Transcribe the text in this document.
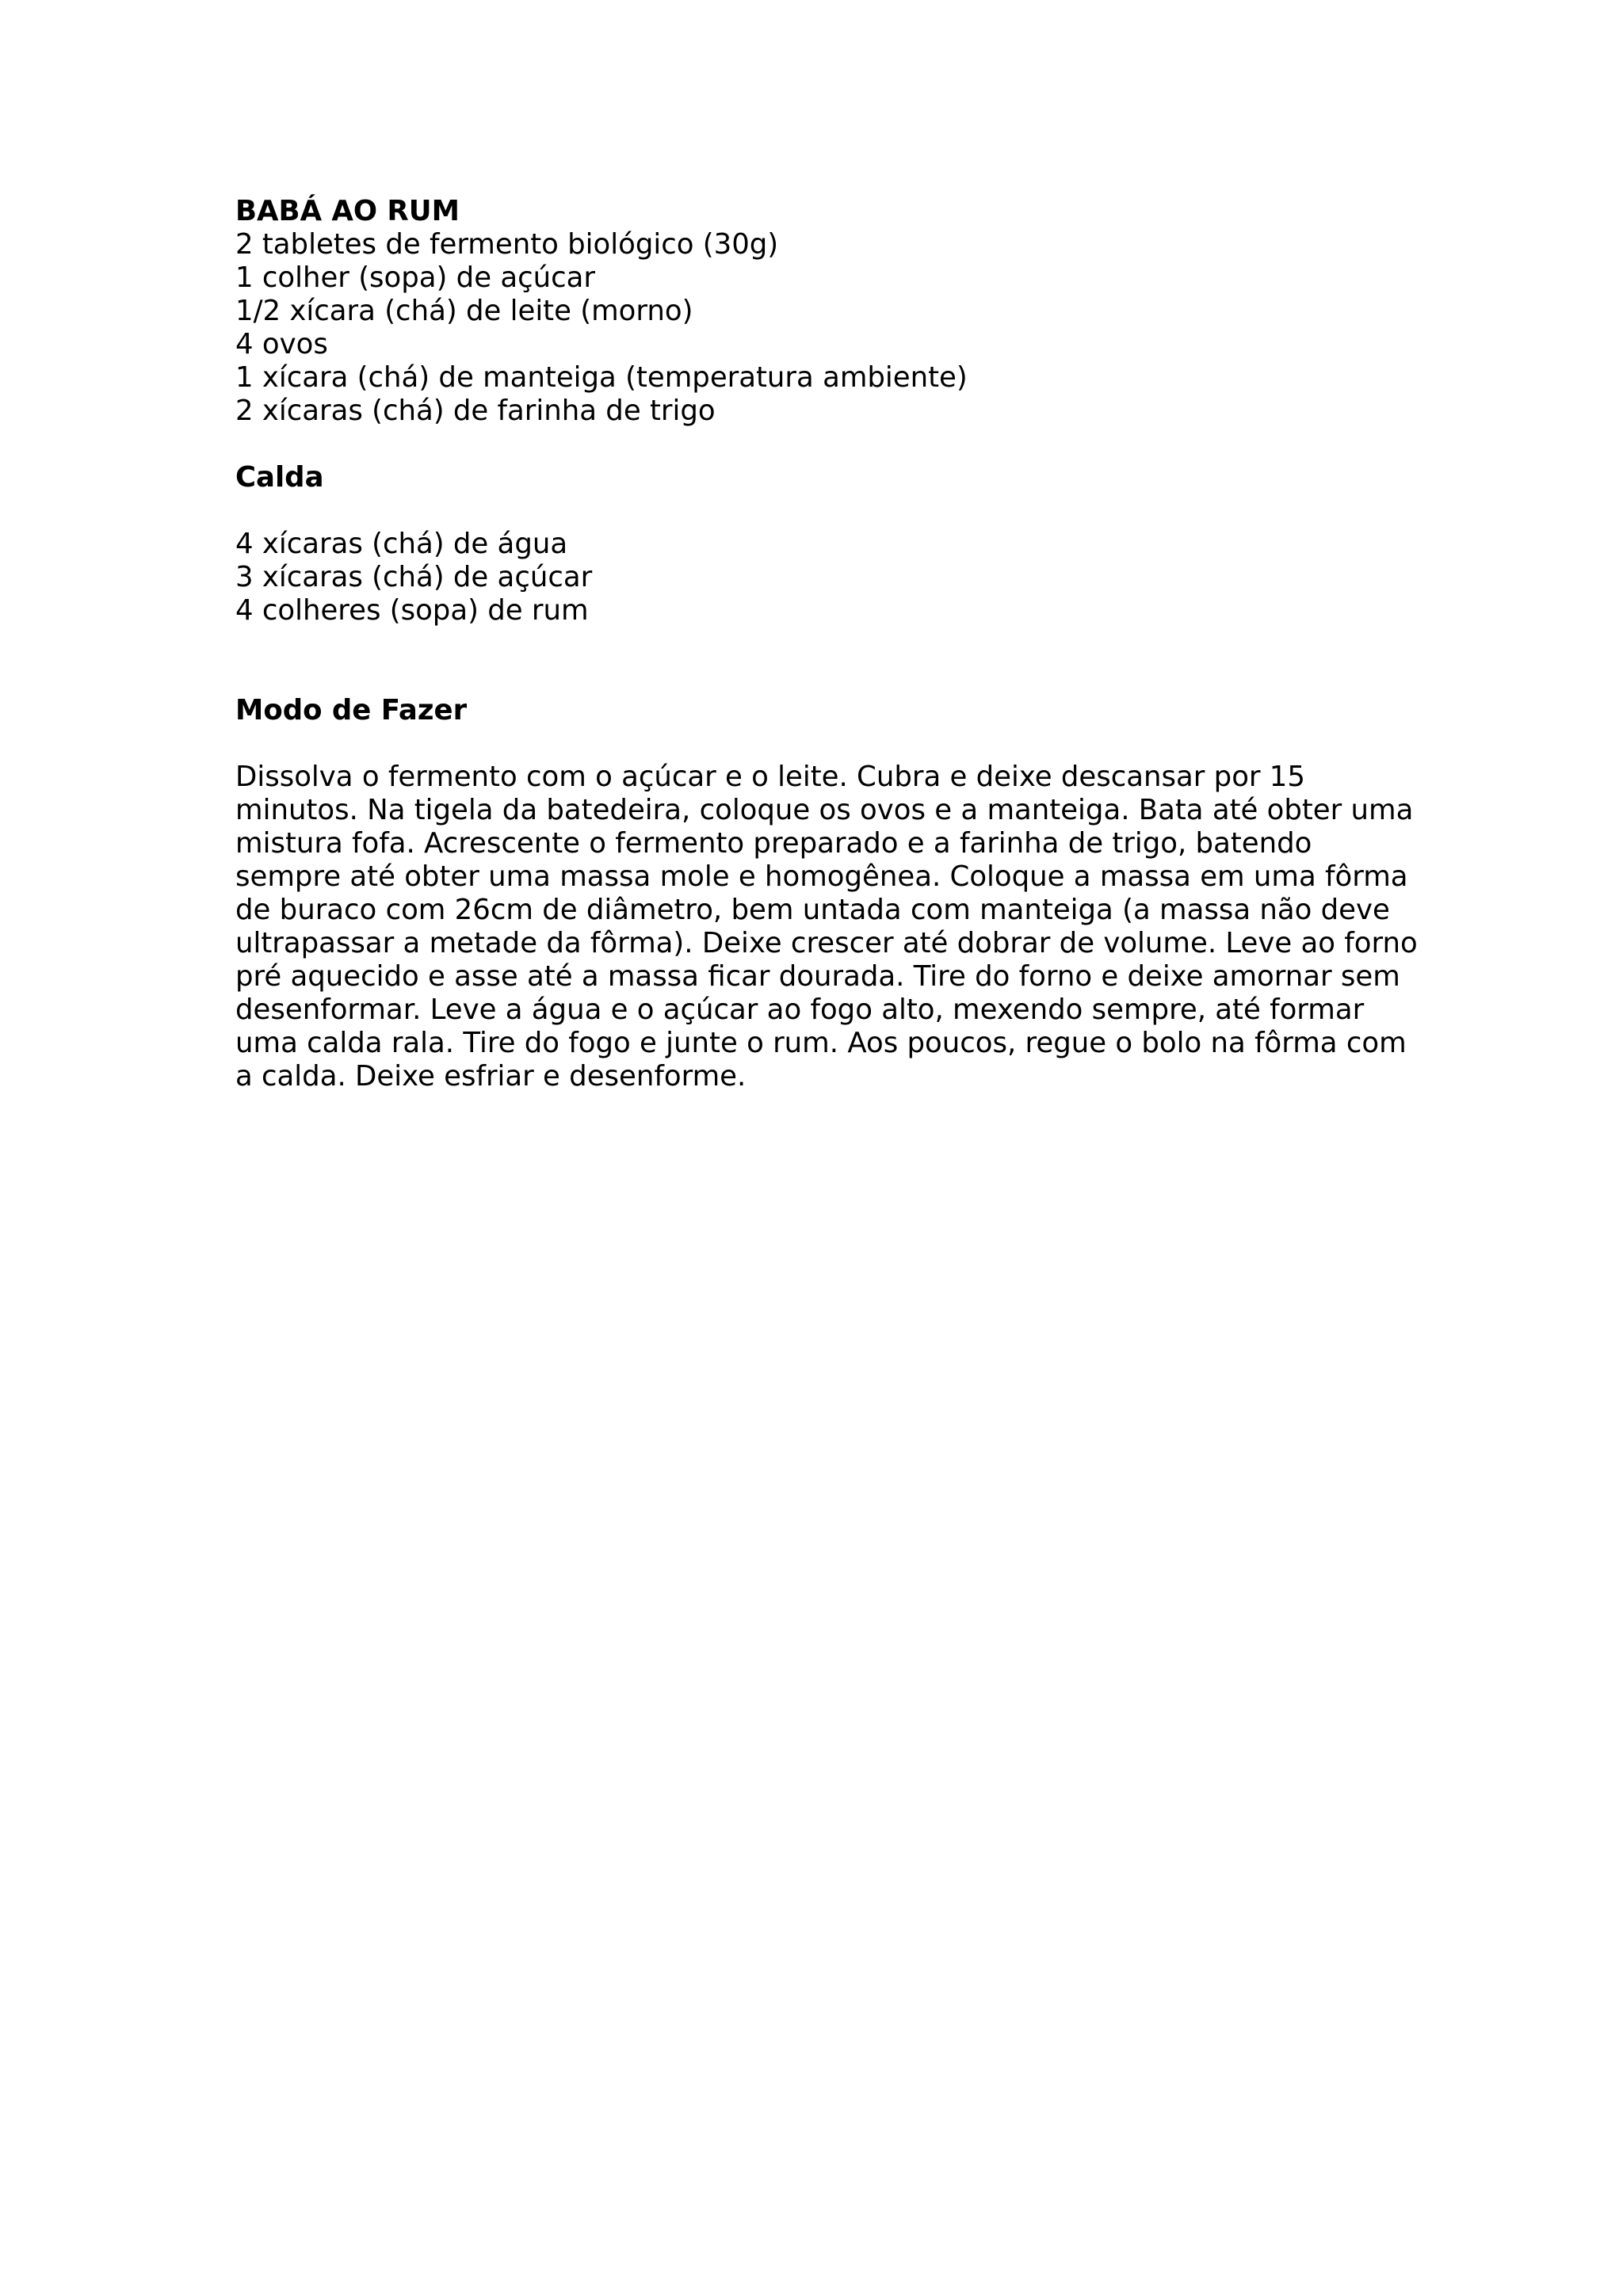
BABÁ AO RUM

2 tabletes de fermento biológico (30g)
1 colher (sopa) de açúcar
1/2 xícara (chá) de leite (morno)
4 ovos
1 xícara (chá) de manteiga (temperatura ambiente)
2 xícaras (chá) de farinha de trigo

Calda

4 xícaras (chá) de água
3 xícaras (chá) de açúcar
4 colheres (sopa) de rum

Modo de Fazer

Dissolva o fermento com o açúcar e o leite. Cubra e deixe descansar por 15
minutos. Na tigela da batedeira, coloque os ovos e a manteiga. Bata até obter uma
mistura fofa. Acrescente o fermento preparado e a farinha de trigo, batendo
sempre até obter uma massa mole e homogênea. Coloque a massa em uma fôrma
de buraco com 26cm de diâmetro, bem untada com manteiga (a massa não deve
ultrapassar a metade da fôrma). Deixe crescer até dobrar de volume. Leve ao forno
pré aquecido e asse até a massa ficar dourada. Tire do forno e deixe amornar sem
desenformar. Leve a água e o açúcar ao fogo alto, mexendo sempre, até formar
uma calda rala. Tire do fogo e junte o rum. Aos poucos, regue o bolo na fôrma com
a calda. Deixe esfriar e desenforme.
